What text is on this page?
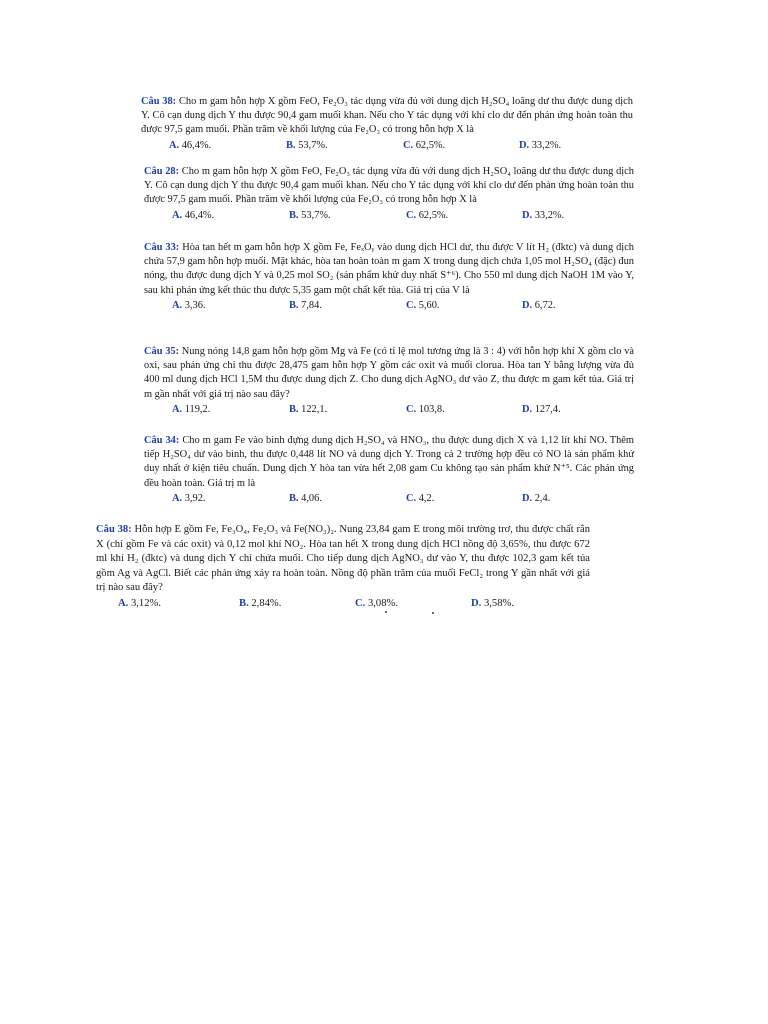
Câu 38: Cho m gam hỗn hợp X gồm FeO, Fe₂O₃ tác dụng vừa đủ với dung dịch H₂SO₄ loãng dư thu được dung dịch Y. Cô cạn dung dịch Y thu được 90,4 gam muối khan. Nếu cho Y tác dụng với khí clo dư đến phản ứng hoàn toàn thu được 97,5 gam muối. Phần trăm về khối lượng của Fe₂O₃ có trong hỗn hợp X là

A. 46,4%.	B. 53,7%.	C. 62,5%.	D. 33,2%.

Câu 28: Cho m gam hỗn hợp X gồm FeO, Fe₂O₃ tác dụng vừa đủ với dung dịch H₂SO₄ loãng dư thu được dung dịch Y. Cô cạn dung dịch Y thu được 90,4 gam muối khan. Nếu cho Y tác dụng với khí clo dư đến phản ứng hoàn toàn thu được 97,5 gam muối. Phần trăm về khối lượng của Fe₂O₃ có trong hỗn hợp X là

A. 46,4%.	B. 53,7%.	C. 62,5%.	D. 33,2%.

Câu 33: Hòa tan hết m gam hỗn hợp X gồm Fe, FeₓOᵧ vào dung dịch HCl dư, thu được V lít H₂ (đktc) và dung dịch chứa 57,9 gam hỗn hợp muối. Mặt khác, hòa tan hoàn toàn m gam X trong dung dịch chứa 1,05 mol H₂SO₄ (đặc) đun nóng, thu được dung dịch Y và 0,25 mol SO₂ (sản phẩm khử duy nhất S⁺⁶). Cho 550 ml dung dịch NaOH 1M vào Y, sau khi phản ứng kết thúc thu được 5,35 gam một chất kết tủa. Giá trị của V là

A. 3,36.	B. 7,84.	C. 5,60.	D. 6,72.

Câu 35: Nung nóng 14,8 gam hỗn hợp gồm Mg và Fe (có tỉ lệ mol tương ứng là 3 : 4) với hỗn hợp khí X gồm clo và oxi, sau phản ứng chỉ thu được 28,475 gam hỗn hợp Y gồm các oxit và muối clorua. Hòa tan Y bằng lượng vừa đủ 400 ml dung dịch HCl 1,5M thu được dung dịch Z. Cho dung dịch AgNO₃ dư vào Z, thu được m gam kết tủa. Giá trị m gần nhất với giá trị nào sau đây?

A. 119,2.	B. 122,1.	C. 103,8.	D. 127,4.

Câu 34: Cho m gam Fe vào bình đựng dung dịch H₂SO₄ và HNO₃, thu được dung dịch X và 1,12 lít khí NO. Thêm tiếp H₂SO₄ dư vào bình, thu được 0,448 lít NO và dung dịch Y. Trong cả 2 trường hợp đều có NO là sản phẩm khử duy nhất ở kiện tiêu chuẩn. Dung dịch Y hòa tan vừa hết 2,08 gam Cu không tạo sản phẩm khử N⁺⁵. Các phản ứng đều hoàn toàn. Giá trị m là

A. 3,92.	B. 4,06.	C. 4,2.	D. 2,4.

Câu 38: Hỗn hợp E gồm Fe, Fe₃O₄, Fe₂O₃ và Fe(NO₃)₂. Nung 23,84 gam E trong môi trường trơ, thu được chất rắn X (chỉ gồm Fe và các oxit) và 0,12 mol khí NO₂. Hòa tan hết X trong dung dịch HCl nồng độ 3,65%, thu được 672 ml khí H₂ (đktc) và dung dịch Y chỉ chứa muối. Cho tiếp dung dịch AgNO₃ dư vào Y, thu được 102,3 gam kết tủa gồm Ag và AgCl. Biết các phản ứng xảy ra hoàn toàn. Nồng độ phần trăm của muối FeCl₂ trong Y gần nhất với giá trị nào sau đây?

A. 3,12%.	B. 2,84%.	C. 3,08%.	D. 3,58%.
